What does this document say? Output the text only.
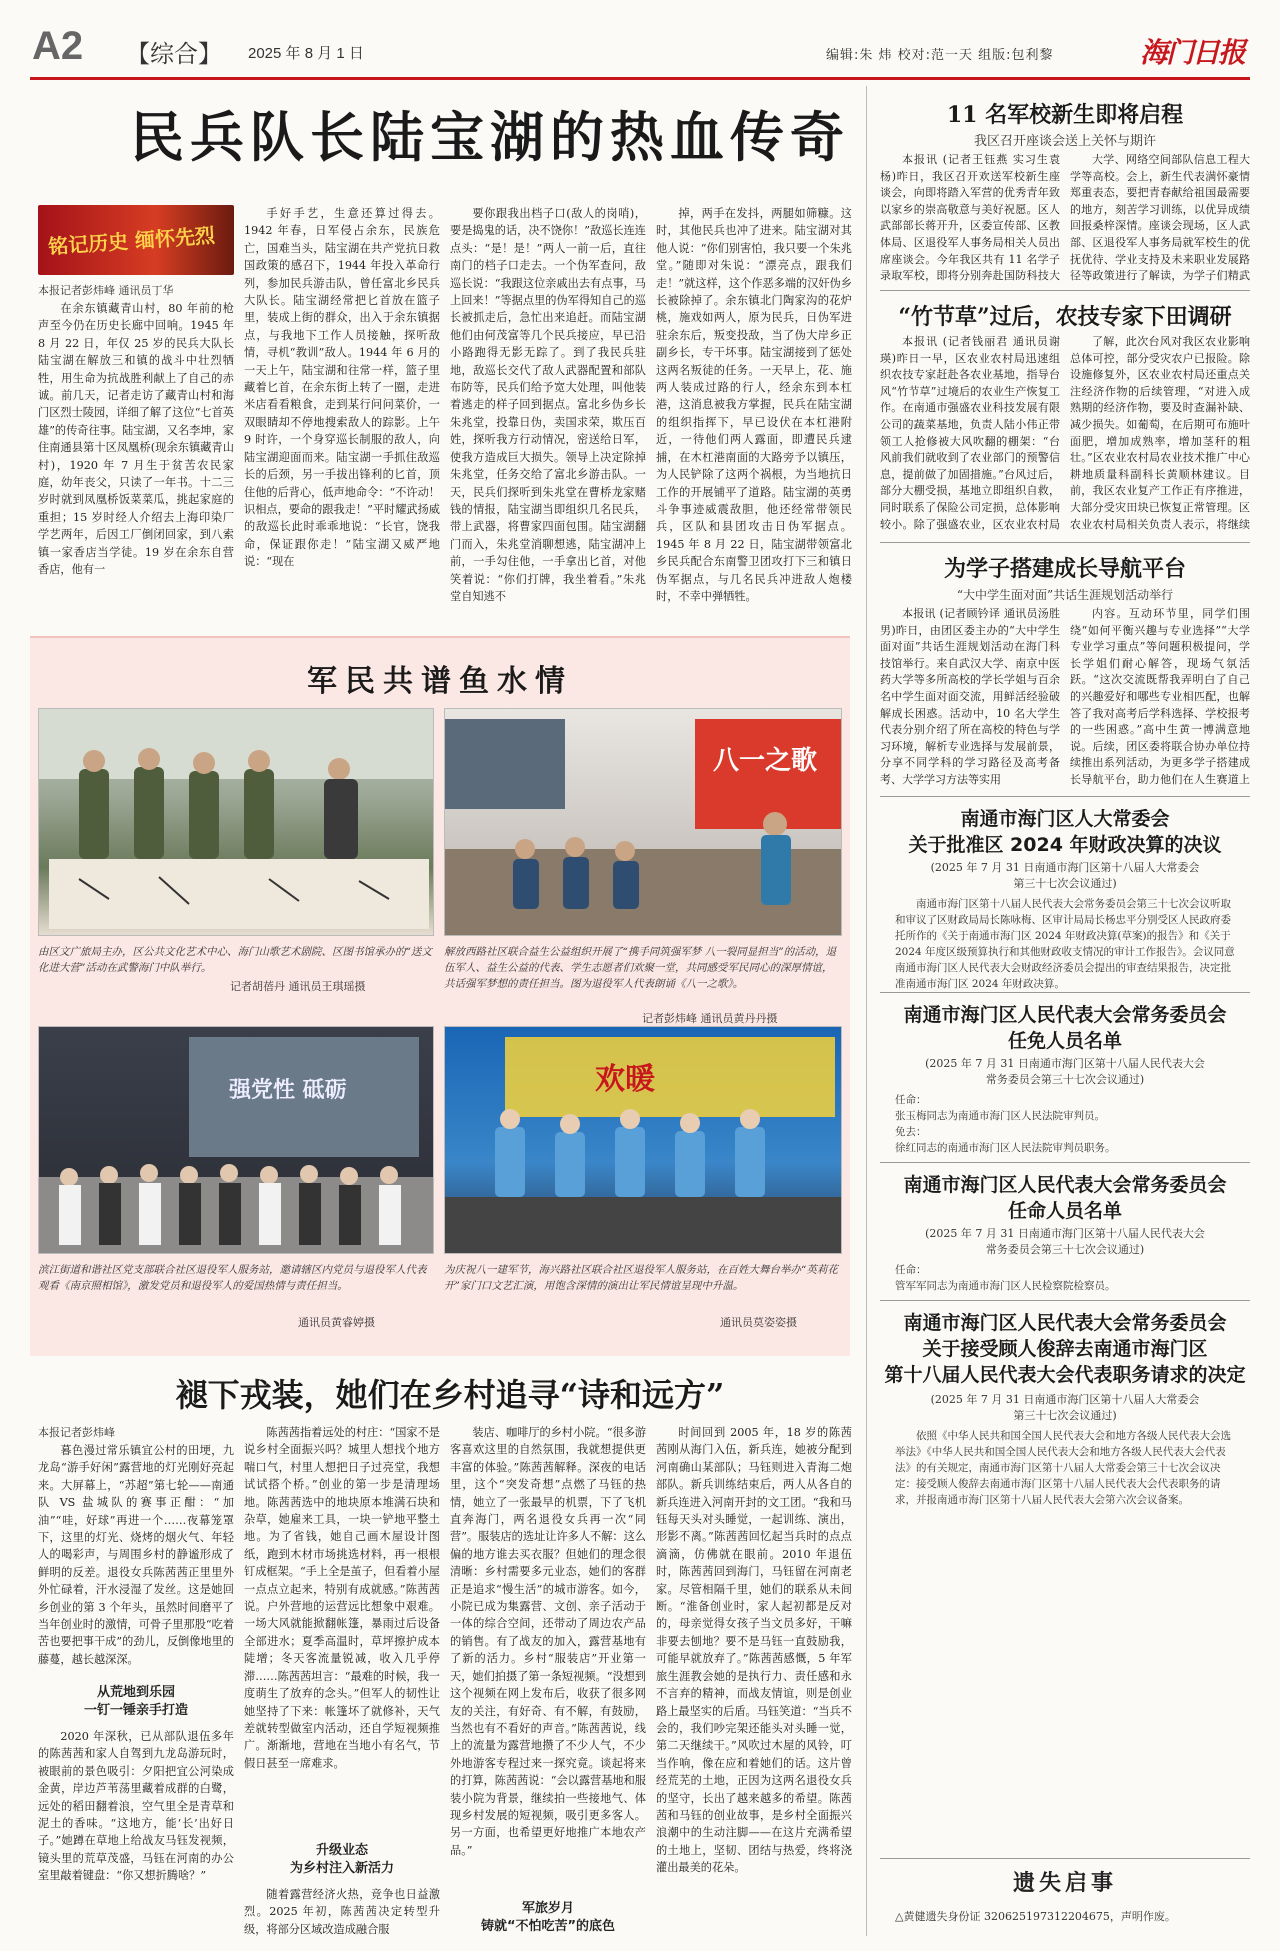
A2 【综合】 2025 年 8 月 1 日	编辑:朱 炜 校对:范一天 组版:包利黎	海门日报
民兵队长陆宝湖的热血传奇
铭记历史 缅怀先烈
本报记者彭炜峰 通讯员丁华

在余东镇藏青山村，80 年前的枪声至今仍在历史长廊中回响。1945 年 8 月 22 日，年仅 25 岁的民兵大队长陆宝湖在解放三和镇的战斗中壮烈牺牲，用生命为抗战胜利献上了自己的赤诚。前几天，记者走访了藏青山村和海门区烈士陵园，详细了解了这位“七首英雄”的传奇往事。陆宝湖，又名李坤，家住南通县第十区凤凰桥(现余东镇藏青山村)，1920 年 7 月生于贫苦农民家庭，幼年丧父，只读了一年书。十二三岁时就到凤凰桥饭菜菜瓜，挑起家庭的重担；15 岁时经人介绍去上海印染厂学艺两年，后因工厂倒闭回家，到八索镇一家香店当学徒。19 岁在余东自营香店，他有一

手好手艺，生意还算过得去。1942 年春，日军侵占余东，民族危亡，国难当头，陆宝湖在共产党抗日救国政策的感召下，1944 年投入革命行列，参加民兵游击队，曾任富北乡民兵大队长。陆宝湖经常把匕首放在篮子里，装成上街的群众，出入于余东镇据点，与我地下工作人员接触，探听敌情，寻机“教训”敌人。1944 年 6 月的一天上午，陆宝湖和往常一样，篮子里藏着匕首，在余东街上转了一圈，走进米店看看粮食，走到某行问问菜价，一双眼睛却不停地搜索敌人的踪影。上午 9 时许，一个身穿巡长制服的敌人，向陆宝湖迎面而来。陆宝湖一手抓住敌巡长的后颈，另一手拔出锋利的匕首，顶住他的后背心，低声地命令：“不许动！识相点，要命的跟我走！”平时耀武扬威的敌巡长此时乖乖地说：“长官，饶我命，保证跟你走！”陆宝湖又威严地说：“现在

要你跟我出档子口(敌人的岗哨)，要是捣鬼的话，决不饶你！”敌巡长连连点头：“是！是！”两人一前一后，直往南门的档子口走去。一个伪军查问，敌巡长说：“我跟这位亲戚出去有点事，马上回来！”等据点里的伪军得知自己的巡长被抓走后，急忙出来追赶。而陆宝湖他们由何茂富等几个民兵接应，早已沿小路跑得无影无踪了。到了我民兵驻地，敌巡长交代了敌人武器配置和部队布防等，民兵们给予宽大处理，叫他装着逃走的样子回到据点。富北乡伪乡长朱兆堂，投靠日伪，卖国求荣，欺压百姓，探听我方行动情况，密送给日军，使我方造成巨大损失。领导上决定除掉朱兆堂，任务交给了富北乡游击队。一天，民兵们探听到朱兆堂在曹桥龙家赌钱的情报，陆宝湖当即组织几名民兵，带上武器，将曹家四面包围。陆宝湖翻门而入，朱兆堂消聊想逃，陆宝湖冲上前，一手勾住他，一手拿出匕首，对他笑着说：“你们打牌，我坐着看。”朱兆堂自知逃不

掉，两手在发抖，两腿如筛糠。这时，其他民兵也冲了进来。陆宝湖对其他人说：“你们别害怕，我只要一个朱兆堂。”随即对朱说：“漂亮点，跟我们走！”就这样，这个作恶多端的汉奸伪乡长被除掉了。余东镇北门陶家沟的花炉桃，施戏如两人，原为民兵，日伪军进驻余东后，叛变投敌，当了伪大岸乡正副乡长，专干坏事。陆宝湖接到了惩处这两名叛徒的任务。一天早上，花、施两人装成过路的行人，经余东到本杠港，这消息被我方掌握，民兵在陆宝湖的组织指挥下，早已设伏在本杠港附近，一待他们两人露面，即遭民兵逮捕，在木杠港南面的大路旁予以镇压，为人民铲除了这两个祸根，为当地抗日工作的开展铺平了道路。陆宝湖的英勇斗争事迹威震敌胆，他还经常带领民兵，区队和县团攻击日伪军据点。1945 年 8 月 22 日，陆宝湖带领富北乡民兵配合东南警卫团攻打下三和镇日伪军据点，与几名民兵冲进敌人炮楼时，不幸中弹牺牲。

军民共谱鱼水情
八一之歌
由区文广旅局主办，区公共文化艺术中心、海门山歌艺术剧院、区图书馆承办的“送文化进大营”活动在武警海门中队举行。
记者胡蓓丹 通讯员王琪瑶摄
解放西路社区联合益生公益组织开展了“携手同筑强军梦 八一裂同显担当”的活动，退伍军人、益生公益的代表、学生志愿者们欢聚一堂，共同感受军民同心的深厚情谊，共话强军梦想的责任担当。图为退役军人代表朗诵《八一之歌》。
记者彭炜峰 通讯员黄丹丹摄
强党性 砥砺	欢暖
滨江街道和谐社区党支部联合社区退役军人服务站，邀请辖区内党员与退役军人代表观看《南京照相馆》，激发党员和退役军人的爱国热情与责任担当。
通讯员黄睿婷摄
为庆祝八一建军节，海兴路社区联合社区退役军人服务站，在百姓大舞台举办“英莉花开”家门口文艺汇演，用饱含深情的演出让军民情谊呈现中升温。
通讯员莫姿姿摄
褪下戎装，她们在乡村追寻“诗和远方”
本报记者彭炜峰

暮色漫过常乐镇宜公村的田埂，九龙岛“游手好闲”露营地的灯光刚好亮起来。大屏幕上，“苏超”第七轮——南通队 VS 盐城队的赛事正酣：“加油”“哇，好球”再进一个……夜幕笼罩下，这里的灯光、烧烤的烟火气、年轻人的喝彩声，与周围乡村的静谧形成了鲜明的反差。退役女兵陈茜茜正里里外外忙碌着，汗水浸湿了发丝。这是她回乡创业的第 3 个年头，虽然时间磨平了当年创业时的激情，可骨子里那股“吃着苦也要把事干成”的劲儿，反倒像地里的藤蔓，越长越深深。

从荒地到乐园
一钉一锤亲手打造

2020 年深秋，已从部队退伍多年的陈茜茜和家人自驾到九龙岛游玩时，被眼前的景色吸引：夕阳把宜公河染成金黄，岸边芦苇荡里藏着成群的白鹭，远处的稻田翻着浪，空气里全是青草和泥土的香味。“这地方，能‘长’出好日子。”她蹲在草地上给战友马钰发视频，镜头里的荒草茂盛，马钰在河南的办公室里敲着键盘：“你又想折腾啥？”

陈茜茜指着远处的村庄：“国家不是说乡村全面振兴吗？城里人想找个地方喘口气，村里人想把日子过亮堂，我想试试搭个桥。”创业的第一步是清理场地。陈茜茜选中的地块原本堆满石块和杂草，她雇来工具，一块一铲地平整土地。为了省钱，她自己画木屋设计图纸，跑到木材市场挑选材料，再一根根钉成框架。“手上全是茧子，但看着小屋一点点立起来，特别有成就感。”陈茜茜说。户外营地的运营远比想象中艰难。一场大风就能掀翻帐篷，暴雨过后设备全部进水；夏季高温时，草坪擦护成本陡增；冬天客流量锐减，收入几乎停滞……陈茜茜坦言：“最难的时候，我一度萌生了放弃的念头。”但军人的韧性让她坚持了下来：帐篷坏了就修补，天气差就转型做室内活动，还自学短视频推广。渐渐地，营地在当地小有名气，节假日甚至一席难求。

升级业态
为乡村注入新活力

随着露营经济火热，竞争也日益激烈。2025 年初，陈茜茜决定转型升级，将部分区域改造成融合服

装店、咖啡厅的乡村小院。“很多游客喜欢这里的自然氛围，我就想提供更丰富的体验。”陈茜茜解释。深夜的电话里，这个“突发奇想”点燃了马钰的热情，她立了一张最早的机票，下了飞机直奔海门，两名退役女兵再一次“同营”。服装店的选址让许多人不解：这么偏的地方谁去买衣服？但她们的理念很清晰：乡村需要多元业态，她们的客群正是追求“慢生活”的城市游客。如今，小院已成为集露营、文创、亲子活动于一体的综合空间，还带动了周边农产品的销售。有了战友的加入，露营基地有了新的活力。乡村“服装店”开业第一天，她们拍摄了第一条短视频。“没想到这个视频在网上发布后，收获了很多网友的关注，有好奇、有不解，有鼓励，当然也有不看好的声音。”陈茜茜说，线上的流量为露营地攒了不少人气，不少外地游客专程过来一探究竟。谈起将来的打算，陈茜茜说：“会以露营基地和服装小院为背景，继续拍一些接地气、体现乡村发展的短视频，吸引更多客人。另一方面，也希望更好地推广本地农产品。”

军旅岁月
铸就“不怕吃苦”的底色

时间回到 2005 年，18 岁的陈茜茜刚从海门入伍，新兵连，她被分配到河南确山某部队；马钰则进入青海二炮部队。新兵训练结束后，两人从各自的新兵连进入河南开封的文工团。“我和马钰每天头对头睡觉，一起训练、演出，形影不离。”陈茜茜回忆起当兵时的点点滴滴，仿佛就在眼前。2010 年退伍时，陈茜茜回到海门，马钰留在河南老家。尽管相隔千里，她们的联系从未间断。“淮备创业时，家人起初都是反对的，母亲觉得女孩子当文员多好，干嘛非要去刨地？要不是马钰一直鼓励我，可能早就放弃了。”陈茜茜感慨，5 年军旅生涯教会她的是执行力、责任感和永不言弃的精神，而战友情谊，则是创业路上最坚实的后盾。马钰笑道：“当兵不会的，我们吵完架还能头对头睡一觉，第二天继续干。”风吹过木屋的风铃，叮当作响，像在应和着她们的话。这片曾经荒芜的土地，正因为这两名退役女兵的坚守，长出了越来越多的希望。陈茜茜和马钰的创业故事，是乡村全面振兴浪潮中的生动注脚——在这片充满希望的土地上，坚韧、团结与热爱，终将浇灌出最美的花朵。

11 名军校新生即将启程
我区召开座谈会送上关怀与期许

本报讯 (记者王钰燕 实习生袁杨)昨日，我区召开欢送军校新生座谈会，向即将踏入军营的优秀青年致以家乡的崇高敬意与美好祝愿。区人武部部长蒋开升，区委宣传部、区教体局、区退役军人事务局相关人员出席座谈会。今年我区共有 11 名学子录取军校，即将分别奔赴国防科技大

大学、网络空间部队信息工程大学等高校。会上，新生代表满怀豪情郑重表态，要把青春献给祖国最需要的地方，刻苦学习训练，以优异成绩回报桑梓深情。座谈会现场，区人武部、区退役军人事务局就军校生的优抚优待、学业支持及未来职业发展路径等政策进行了解读，为学子们精武

“竹节草”过后，农技专家下田调研

本报讯 (记者钱丽君 通讯员谢瑛)昨日一早，区农业农村局迅速组织农技专家赶赴各农业基地，指导台风“竹节草”过境后的农业生产恢复工作。在南通市强盛农业科技发展有限公司的蔬菜基地，负责人陆小伟正带领工人抢修被大风吹翻的棚架：“台风前我们就收到了农业部门的预警信息，提前做了加固措施。”台风过后，部分大棚受损，基地立即组织自救，同时联系了保险公司定损，总体影响较小。除了强盛农业，区农业农村局

了解，此次台风对我区农业影响总体可控，部分受灾农户已报险。除设施修复外，区农业农村局还重点关注经济作物的后续管理，“对进入成熟期的经济作物，要及时查漏补缺、减少损失。如葡萄，在后期可布施叶面肥，增加成熟率，增加茎秆的粗壮。”区农业农村局农业技术推广中心耕地质量科副科长黄顺林建议。目前，我区农业复产工作正有序推进，大部分受灾田块已恢复正常管理。区农业农村局相关负责人表示，将继续

为学子搭建成长导航平台
“大中学生面对面”共话生涯规划活动举行

本报讯 (记者顾钤译 通讯员汤胜男)昨日，由团区委主办的“大中学生面对面”共话生涯规划活动在海门科技馆举行。来自武汉大学、南京中医药大学等多所高校的学长学姐与百余名中学生面对面交流，用鲜活经验破解成长困惑。活动中，10 名大学生代表分别介绍了所在高校的特色与学习环境，解析专业选择与发展前景，分享不同学科的学习路径及高考备考、大学学习方法等实用

内容。互动环节里，同学们围绕“如何平衡兴趣与专业选择”“大学专业学习重点”等问题积极提问，学长学姐们耐心解答，现场气氛活跃。“这次交流既帮我弄明白了自己的兴趣爱好和哪些专业相匹配，也解答了我对高考后学科选择、学校报考的一些困惑。”高中生黄一博满意地说。后续，团区委将联合协办单位持续推出系列活动，为更多学子搭建成长导航平台，助力他们在人生赛道上

南通市海门区人大常委会
关于批准区 2024 年财政决算的决议
(2025 年 7 月 31 日南通市海门区第十八届人大常委会
第三十七次会议通过)
南通市海门区第十八届人民代表大会常务委员会第三十七次会议听取和审议了区财政局局长陈咏梅、区审计局局长杨忠平分别受区人民政府委托所作的《关于南通市海门区 2024 年财政决算(草案)的报告》和《关于 2024 年度区级预算执行和其他财政收支情况的审计工作报告》。会议同意南通市海门区人民代表大会财政经济委员会提出的审查结果报告，决定批准南通市海门区 2024 年财政决算。
南通市海门区人民代表大会常务委员会
任免人员名单
(2025 年 7 月 31 日南通市海门区第十八届人民代表大会
常务委员会第三十七次会议通过)
任命：
张玉梅同志为南通市海门区人民法院审判员。
免去：
徐红同志的南通市海门区人民法院审判员职务。
南通市海门区人民代表大会常务委员会
任命人员名单
(2025 年 7 月 31 日南通市海门区第十八届人民代表大会
常务委员会第三十七次会议通过)
任命：
管军军同志为南通市海门区人民检察院检察员。
南通市海门区人民代表大会常务委员会
关于接受顾人俊辞去南通市海门区
第十八届人民代表大会代表职务请求的决定
(2025 年 7 月 31 日南通市海门区第十八届人大常委会
第三十七次会议通过)
依照《中华人民共和国全国人民代表大会和地方各级人民代表大会选举法》《中华人民共和国全国人民代表大会和地方各级人民代表大会代表法》的有关规定，南通市海门区第十八届人大常委会第三十七次会议决定：接受顾人俊辞去南通市海门区第十八届人民代表大会代表职务的请求，并报南通市海门区第十八届人民代表大会第六次会议备案。
遗失启事
△黄健遗失身份证 320625197312204675，声明作废。
